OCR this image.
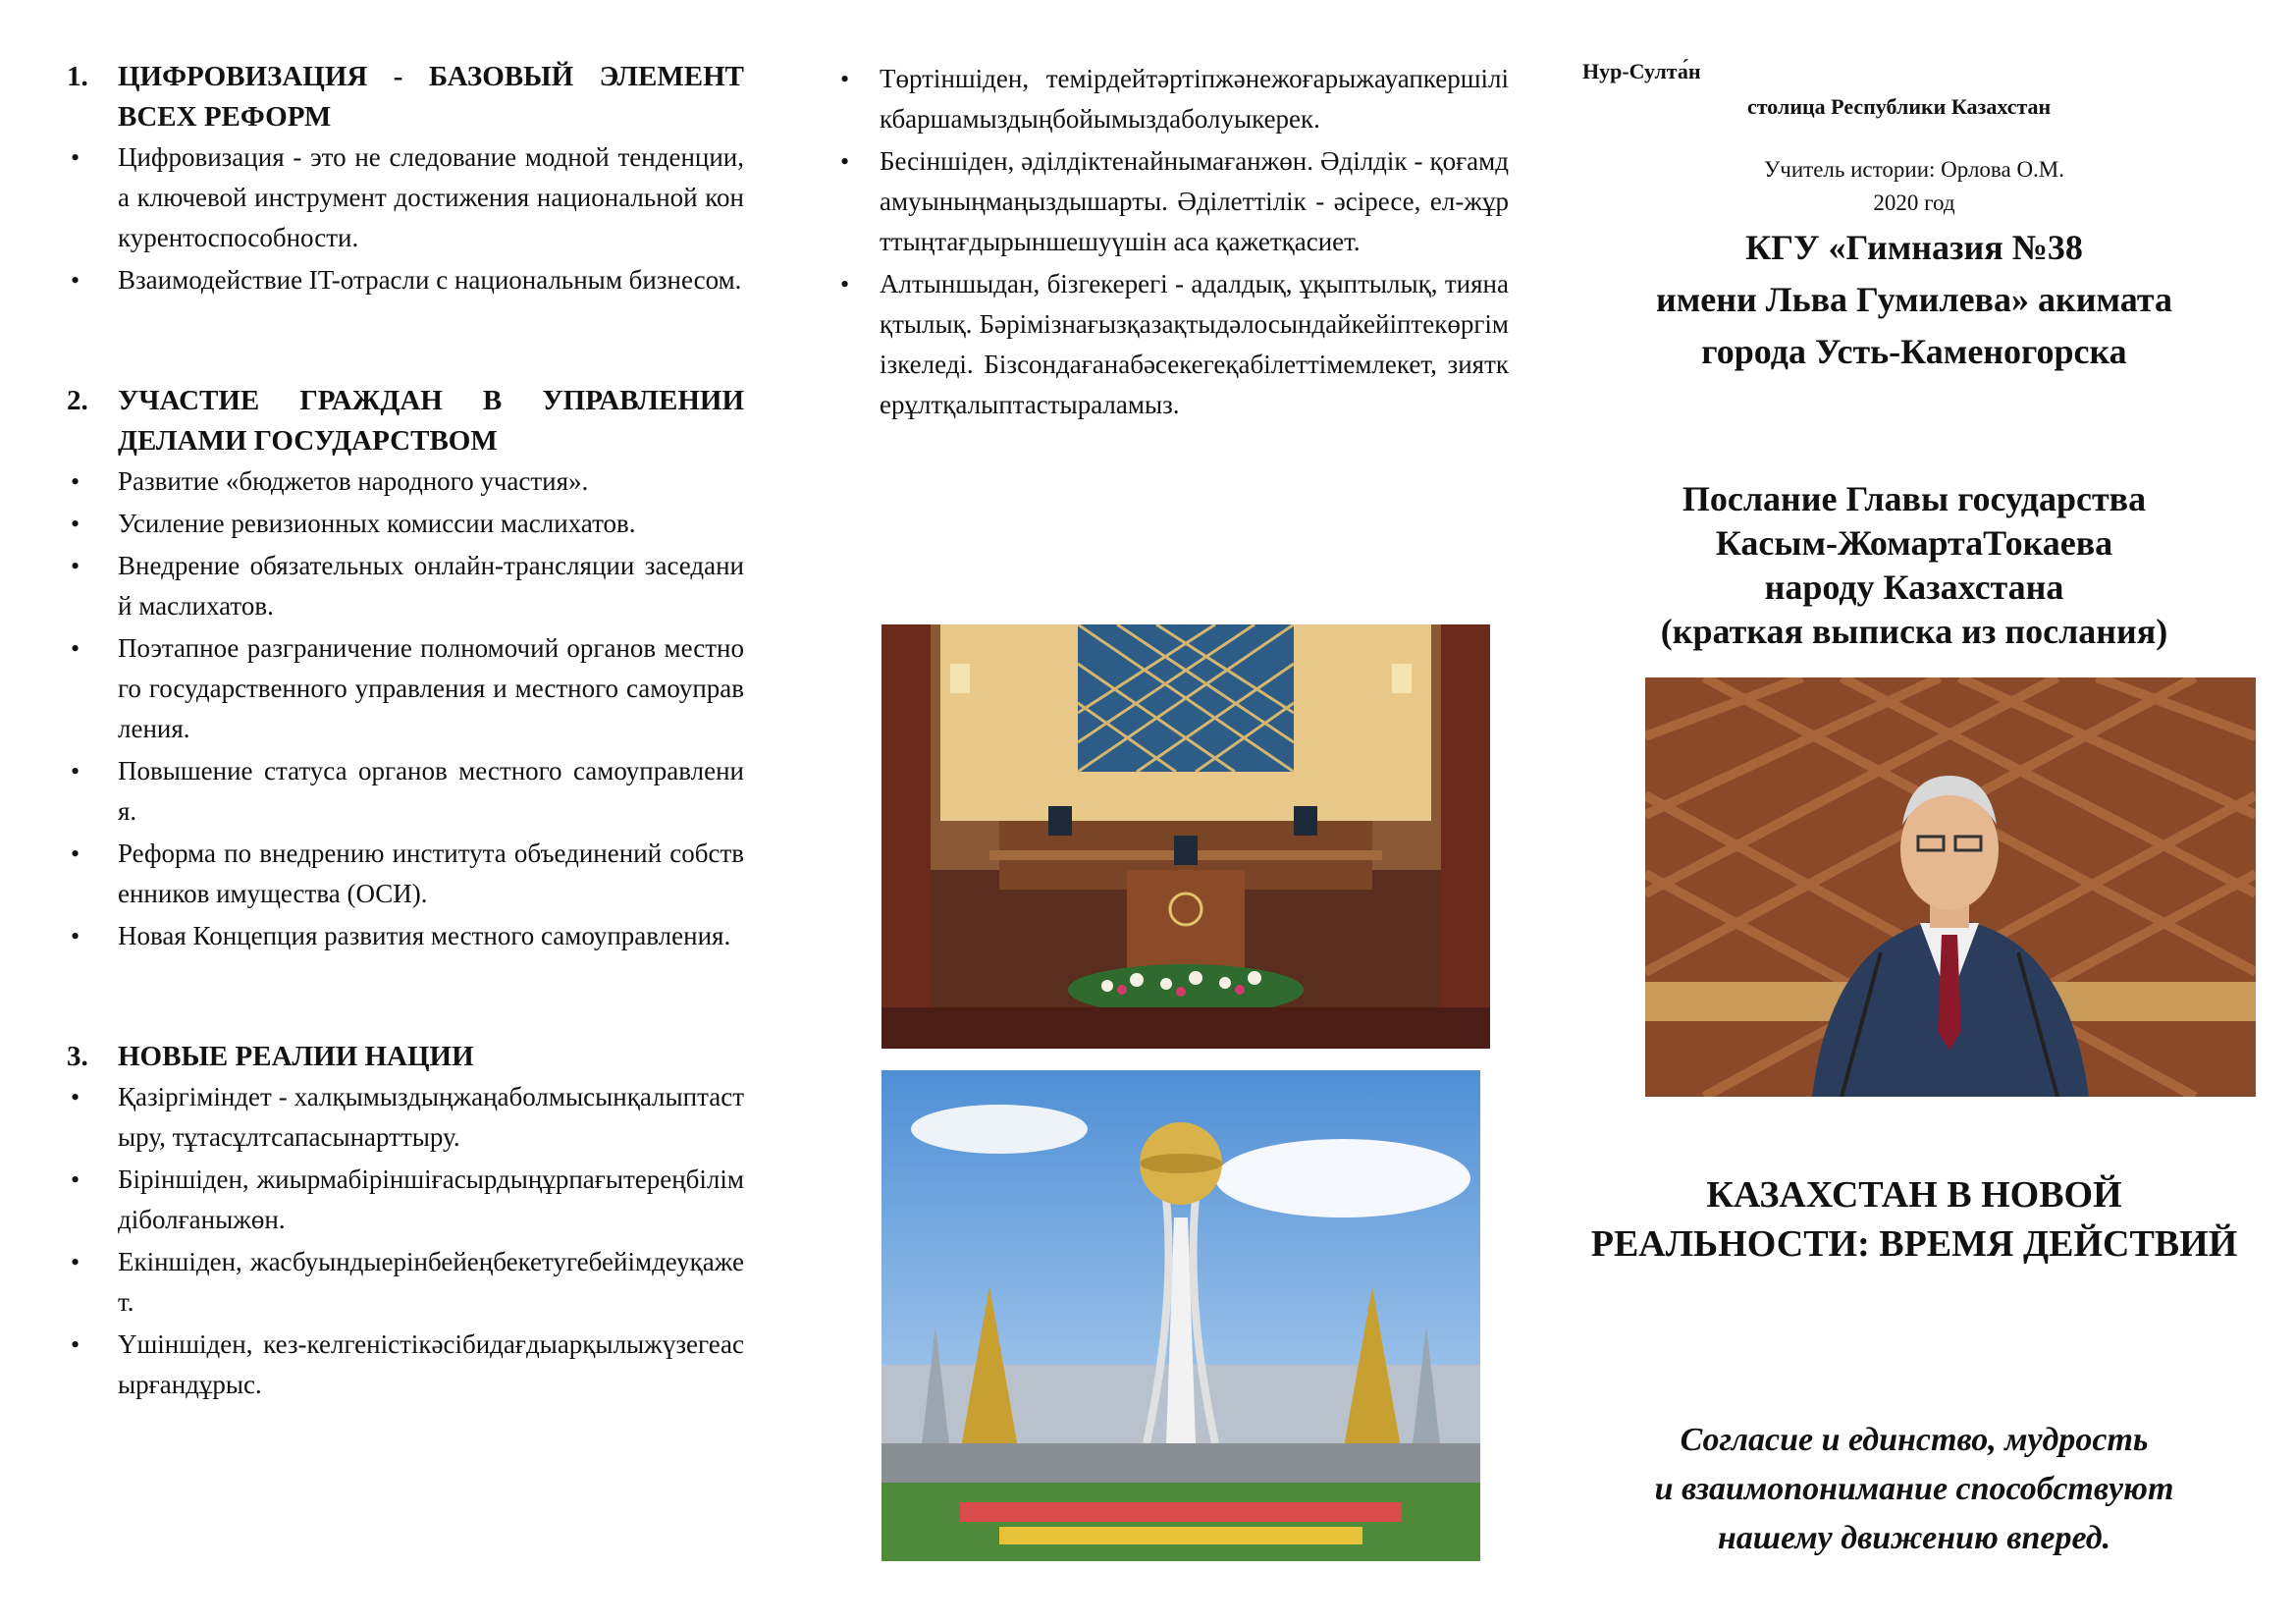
1.	ЦИФРОВИЗАЦИЯ - БАЗОВЫЙ ЭЛЕМЕНТ ВСЕХ РЕФОРМ
• Цифровизация - это не следование модной тенденции, а ключевой инструмент достижения национальной конкурентоспособности.
• Взаимодействие IT-отрасли с национальным бизнесом.
2.	УЧАСТИЕ ГРАЖДАН В УПРАВЛЕНИИ ДЕЛАМИ ГОСУДАРСТВОМ
• Развитие «бюджетов народного участия».
• Усиление ревизионных комиссии маслихатов.
• Внедрение обязательных онлайн-трансляции заседаний маслихатов.
• Поэтапное разграничение полномочий органов местного государственного управления и местного самоуправления.
• Повышение статуса органов местного самоуправления.
• Реформа по внедрению института объединений собственников имущества (ОСИ).
• Новая Концепция развития местного самоуправления.
3.	НОВЫЕ РЕАЛИИ НАЦИИ
• Қазіргіміндет - халқымыздыңжаңаболмысынқалыптастыру, тұтасұлтсапасынарттыру.
• Біріншіден, жиырмабіріншіғасырдыңұрпағытереңбілімдіболғаныжөн.
• Екіншіден, жасбуындыерінбейеңбекетугебейімдеуқажет.
• Үшіншіден, кез-келгеністікәсібидағдыарқылыжүзегеасырғандұрыс.
• Төртіншіден, темірдейтәртіпжәнежоғарыжауапкершілікбаршамыздыңбойымыздаболуыкерек.
• Бесіншіден, әділдіктенайнымағанжөн. Әділдік - қоғамдамуыныңмаңыздышарты. Әділеттілік - әсіресе, ел-жұрттыңтағдырыншешуүшін аса қажетқасиет.
• Алтыншыдан, бізгекерегі - адалдық, ұқыптылық, тиянақтылық. Бәрімізнағызқазақтыдәлосындайкейіптекөргімізкеледі. Бізсондағанабәсекегеқабілеттімемлекет, зияткерұлтқалыптастыраламыз.
Нур-Султа́н
столица Республики Казахстан
Учитель истории: Орлова О.М.
2020 год
КГУ «Гимназия №38
имени Льва Гумилева» акимата
города Усть-Каменогорска
Послание Главы государства
Касым-ЖомартаТокаева
народу Казахстана
(краткая выписка из послания)
КАЗАХСТАН В НОВОЙ
РЕАЛЬНОСТИ: ВРЕМЯ ДЕЙСТВИЙ
Согласие и единство, мудрость
и взаимопонимание способствуют
нашему движению вперед.
